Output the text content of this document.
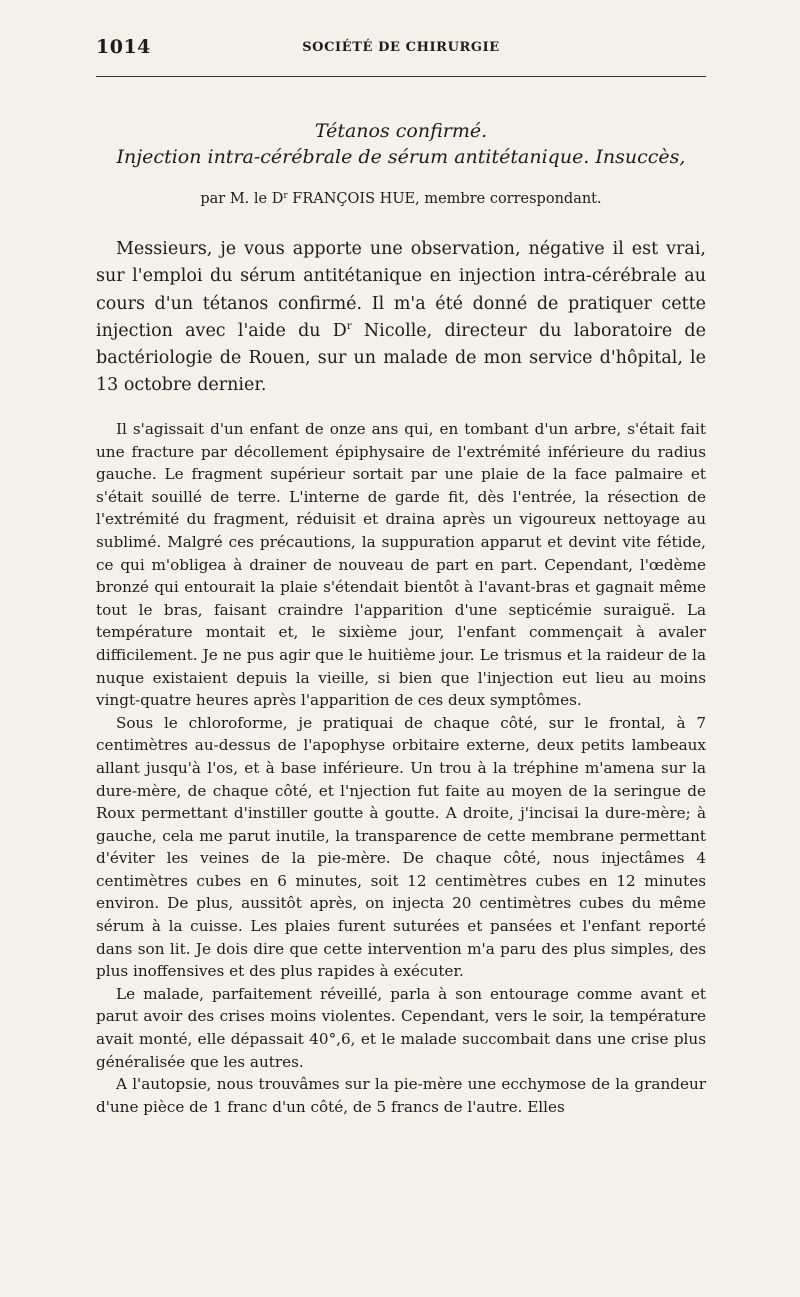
1014	SOCIÉTÉ DE CHIRURGIE
Tétanos confirmé.
Injection intra-cérébrale de sérum antitétanique. Insuccès,
par M. le $D^r$ FRANÇOIS HUE, membre correspondant.

Messieurs, je vous apporte une observation, négative il est vrai, sur l'emploi du sérum antitétanique en injection intra-cérébrale au cours d'un tétanos confirmé. Il m'a été donné de pratiquer cette injection avec l'aide du $D^r$ Nicolle, directeur du laboratoire de bactériologie de Rouen, sur un malade de mon service d'hôpital, le 13 octobre dernier.

Il s'agissait d'un enfant de onze ans qui, en tombant d'un arbre, s'était fait une fracture par décollement épiphysaire de l'extrémité inférieure du radius gauche. Le fragment supérieur sortait par une plaie de la face palmaire et s'était souillé de terre. L'interne de garde fit, dès l'entrée, la résection de l'extrémité du fragment, réduisit et draina après un vigoureux nettoyage au sublimé. Malgré ces précautions, la suppuration apparut et devint vite fétide, ce qui m'obligea à drainer de nouveau de part en part. Cependant, l'œdème bronzé qui entourait la plaie s'étendait bientôt à l'avant-bras et gagnait même tout le bras, faisant craindre l'apparition d'une septicémie suraiguë. La température montait et, le sixième jour, l'enfant commençait à avaler difficilement. Je ne pus agir que le huitième jour. Le trismus et la raideur de la nuque existaient depuis la vieille, si bien que l'injection eut lieu au moins vingt-quatre heures après l'apparition de ces deux symptômes.

Sous le chloroforme, je pratiquai de chaque côté, sur le frontal, à 7 centimètres au-dessus de l'apophyse orbitaire externe, deux petits lambeaux allant jusqu'à l'os, et à base inférieure. Un trou à la tréphine m'amena sur la dure-mère, de chaque côté, et l'njection fut faite au moyen de la seringue de Roux permettant d'instiller goutte à goutte. A droite, j'incisai la dure-mère; à gauche, cela me parut inutile, la transparence de cette membrane permettant d'éviter les veines de la pie-mère. De chaque côté, nous injectâmes 4 centimètres cubes en 6 minutes, soit 12 centimètres cubes en 12 minutes environ. De plus, aussitôt après, on injecta 20 centimètres cubes du même sérum à la cuisse. Les plaies furent suturées et pansées et l'enfant reporté dans son lit. Je dois dire que cette intervention m'a paru des plus simples, des plus inoffensives et des plus rapides à exécuter.

Le malade, parfaitement réveillé, parla à son entourage comme avant et parut avoir des crises moins violentes. Cependant, vers le soir, la température avait monté, elle dépassait 40°,6, et le malade succombait dans une crise plus généralisée que les autres.

A l'autopsie, nous trouvâmes sur la pie-mère une ecchymose de la grandeur d'une pièce de 1 franc d'un côté, de 5 francs de l'autre. Elles
